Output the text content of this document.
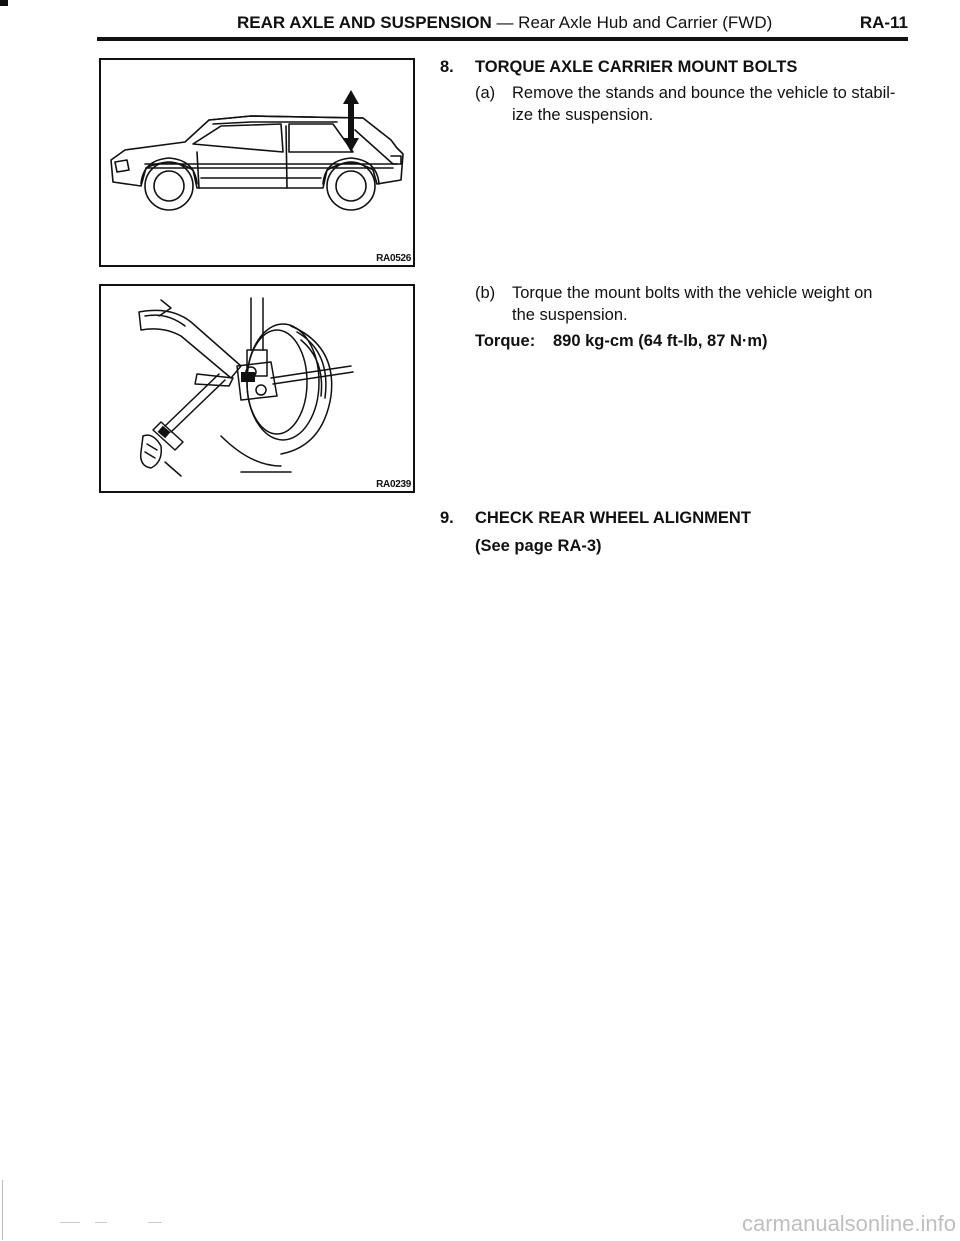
REAR AXLE AND SUSPENSION — Rear Axle Hub and Carrier (FWD)	RA-11
RA0526
RA0239
8. TORQUE AXLE CARRIER MOUNT BOLTS
(a) Remove the stands and bounce the vehicle to stabil-
ize the suspension.
(b) Torque the mount bolts with the vehicle weight on
the suspension.
Torque: 890 kg-cm (64 ft-lb, 87 N·m)
9. CHECK REAR WHEEL ALIGNMENT
(See page RA-3)
carmanualsonline.info
